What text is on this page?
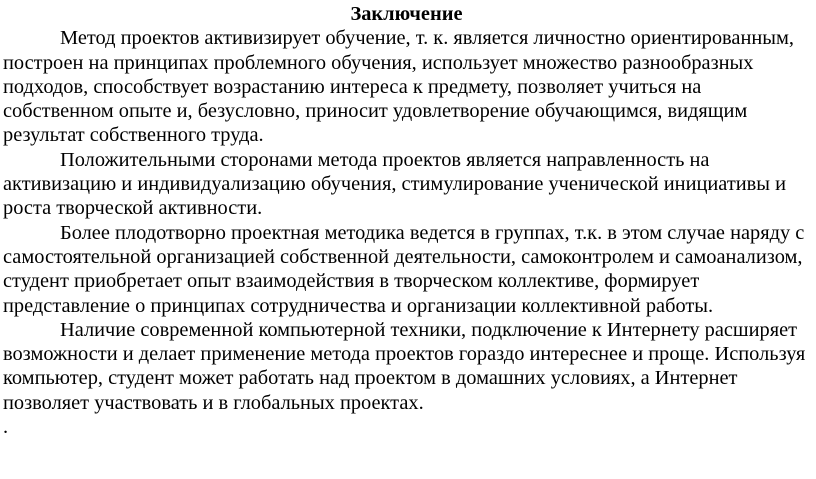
Заключение

Метод проектов активизирует обучение, т. к. является личностно ориентированным, построен на принципах проблемного обучения, использует множество разнообразных подходов, способствует возрастанию интереса к предмету, позволяет учиться на собственном опыте и, безусловно, приносит удовлетворение обучающимся, видящим результат собственного труда.

Положительными сторонами метода проектов является направленность на активизацию и индивидуализацию обучения, стимулирование ученической инициативы и роста творческой активности.

Более плодотворно проектная методика ведется в группах, т.к. в этом случае наряду с самостоятельной организацией собственной деятельности, самоконтролем и самоанализом, студент приобретает опыт взаимодействия в творческом коллективе, формирует представление о принципах сотрудничества и организации коллективной работы.

Наличие современной компьютерной техники, подключение к Интернету расширяет возможности и делает применение метода проектов гораздо интереснее и проще. Используя компьютер, студент может работать над проектом в домашних условиях, а Интернет позволяет участвовать и в глобальных проектах.

.
